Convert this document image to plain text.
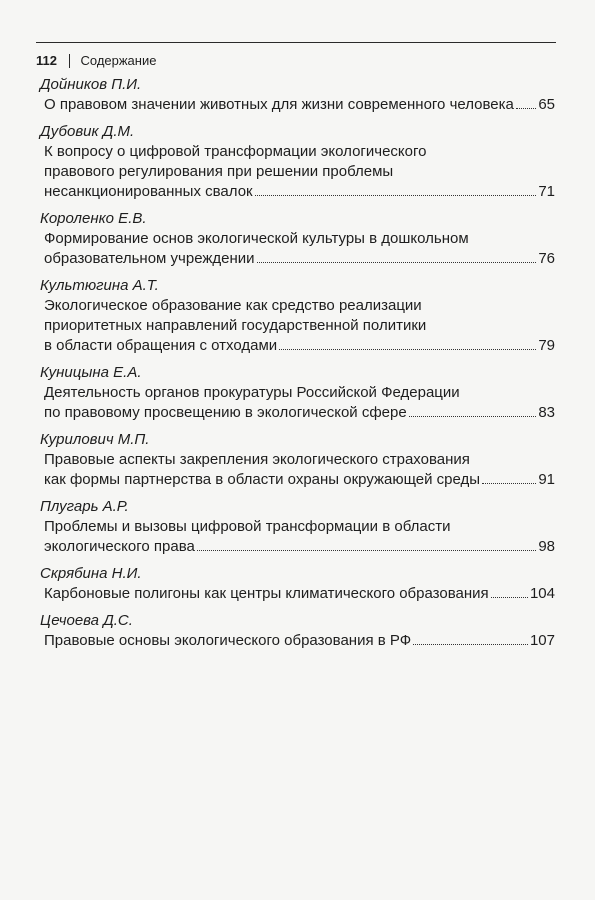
112 Содержание
Дойников П.И.
О правовом значении животных для жизни современного человека 65
Дубовик Д.М.
К вопросу о цифровой трансформации экологического
правового регулирования при решении проблемы
несанкционированных свалок	71
Короленко Е.В.
Формирование основ экологической культуры в дошкольном
образовательном учреждении	76
Культюгина А.Т.
Экологическое образование как средство реализации
приоритетных направлений государственной политики
в области обращения с отходами	79
Куницына Е.А.
Деятельность органов прокуратуры Российской Федерации
по правовому просвещению в экологической сфере	83
Курилович М.П.
Правовые аспекты закрепления экологического страхования
как формы партнерства в области охраны окружающей среды	91
Плугарь А.Р.
Проблемы и вызовы цифровой трансформации в области
экологического права	98
Скрябина Н.И.
Карбоновые полигоны как центры климатического образования	104
Цечоева Д.С.
Правовые основы экологического образования в РФ	107
